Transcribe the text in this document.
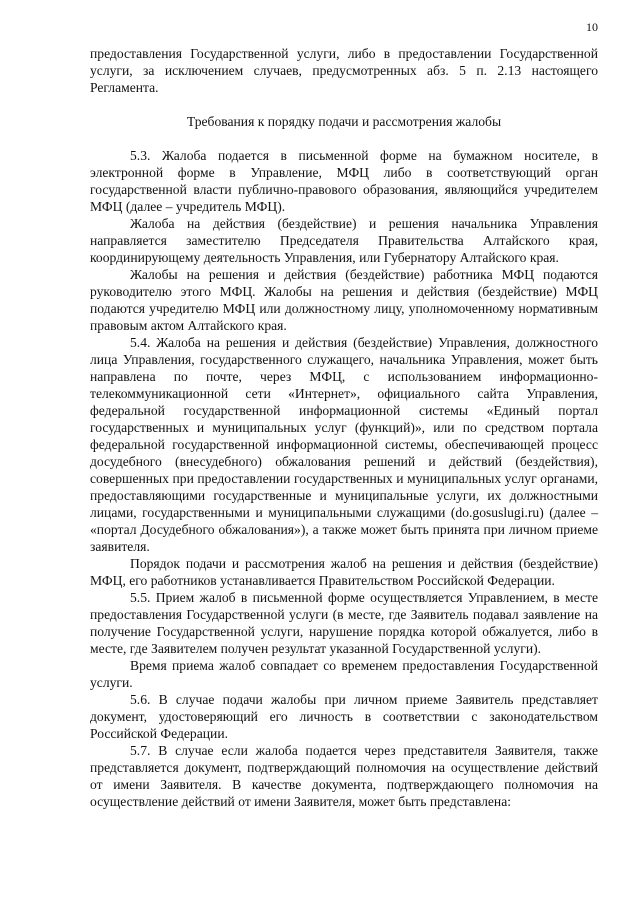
10

предоставления Государственной услуги, либо в предоставлении Государственной услуги, за исключением случаев, предусмотренных абз. 5 п. 2.13 настоящего Регламента.

Требования к порядку подачи и рассмотрения жалобы

5.3. Жалоба подается в письменной форме на бумажном носителе, в электронной форме в Управление, МФЦ либо в соответствующий орган государственной власти публично-правового образования, являющийся учредителем МФЦ (далее – учредитель МФЦ).

Жалоба на действия (бездействие) и решения начальника Управления направляется заместителю Председателя Правительства Алтайского края, координирующему деятельность Управления, или Губернатору Алтайского края.

Жалобы на решения и действия (бездействие) работника МФЦ подаются руководителю этого МФЦ. Жалобы на решения и действия (бездействие) МФЦ подаются учредителю МФЦ или должностному лицу, уполномоченному нормативным правовым актом Алтайского края.

5.4. Жалоба на решения и действия (бездействие) Управления, должностного лица Управления, государственного служащего, начальника Управления, может быть направлена по почте, через МФЦ, с использованием информационно-телекоммуникационной сети «Интернет», официального сайта Управления, федеральной государственной информационной системы «Единый портал государственных и муниципальных услуг (функций)», или по средством портала федеральной государственной информационной системы, обеспечивающей процесс досудебного (внесудебного) обжалования решений и действий (бездействия), совершенных при предоставлении государственных и муниципальных услуг органами, предоставляющими государственные и муниципальные услуги, их должностными лицами, государственными и муниципальными служащими (do.gosuslugi.ru) (далее – «портал Досудебного обжалования»), а также может быть принята при личном приеме заявителя.

Порядок подачи и рассмотрения жалоб на решения и действия (бездействие) МФЦ, его работников устанавливается Правительством Российской Федерации.

5.5. Прием жалоб в письменной форме осуществляется Управлением, в месте предоставления Государственной услуги (в месте, где Заявитель подавал заявление на получение Государственной услуги, нарушение порядка которой обжалуется, либо в месте, где Заявителем получен результат указанной Государственной услуги).

Время приема жалоб совпадает со временем предоставления Государственной услуги.

5.6. В случае подачи жалобы при личном приеме Заявитель представляет документ, удостоверяющий его личность в соответствии с законодательством Российской Федерации.

5.7. В случае если жалоба подается через представителя Заявителя, также представляется документ, подтверждающий полномочия на осуществление действий от имени Заявителя. В качестве документа, подтверждающего полномочия на осуществление действий от имени Заявителя, может быть представлена:
